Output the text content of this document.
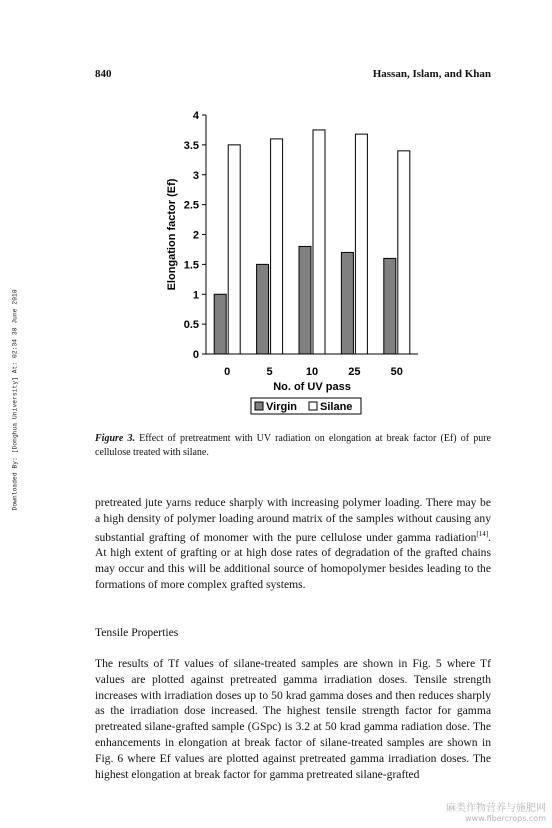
Downloaded By: [Donghua University] At: 02:34 30 June 2010
840	Hassan, Islam, and Khan
0
0.5
1
1.5
2
2.5
3
3.5
4
0	5	10	25	50
No. of UV pass
Elongation factor (Ef)
Virgin Silane
Figure 3. Effect of pretreatment with UV radiation on elongation at break factor (Ef) of pure cellulose treated with silane.

pretreated jute yarns reduce sharply with increasing polymer loading. There may be a high density of polymer loading around matrix of the samples without causing any substantial grafting of monomer with the pure cellulose under gamma radiation[14]. At high extent of grafting or at high dose rates of degradation of the grafted chains may occur and this will be additional source of homopolymer besides leading to the formations of more complex grafted systems.

Tensile Properties

The results of Tf values of silane-treated samples are shown in Fig. 5 where Tf values are plotted against pretreated gamma irradiation doses. Tensile strength increases with irradiation doses up to 50 krad gamma doses and then reduces sharply as the irradiation dose increased. The highest tensile strength factor for gamma pretreated silane-grafted sample (GSpc) is 3.2 at 50 krad gamma radiation dose. The enhancements in elongation at break factor of silane-treated samples are shown in Fig. 6 where Ef values are plotted against pretreated gamma irradiation doses. The highest elongation at break factor for gamma pretreated silane-grafted

麻类作物营养与施肥网
www.fibercrops.com
